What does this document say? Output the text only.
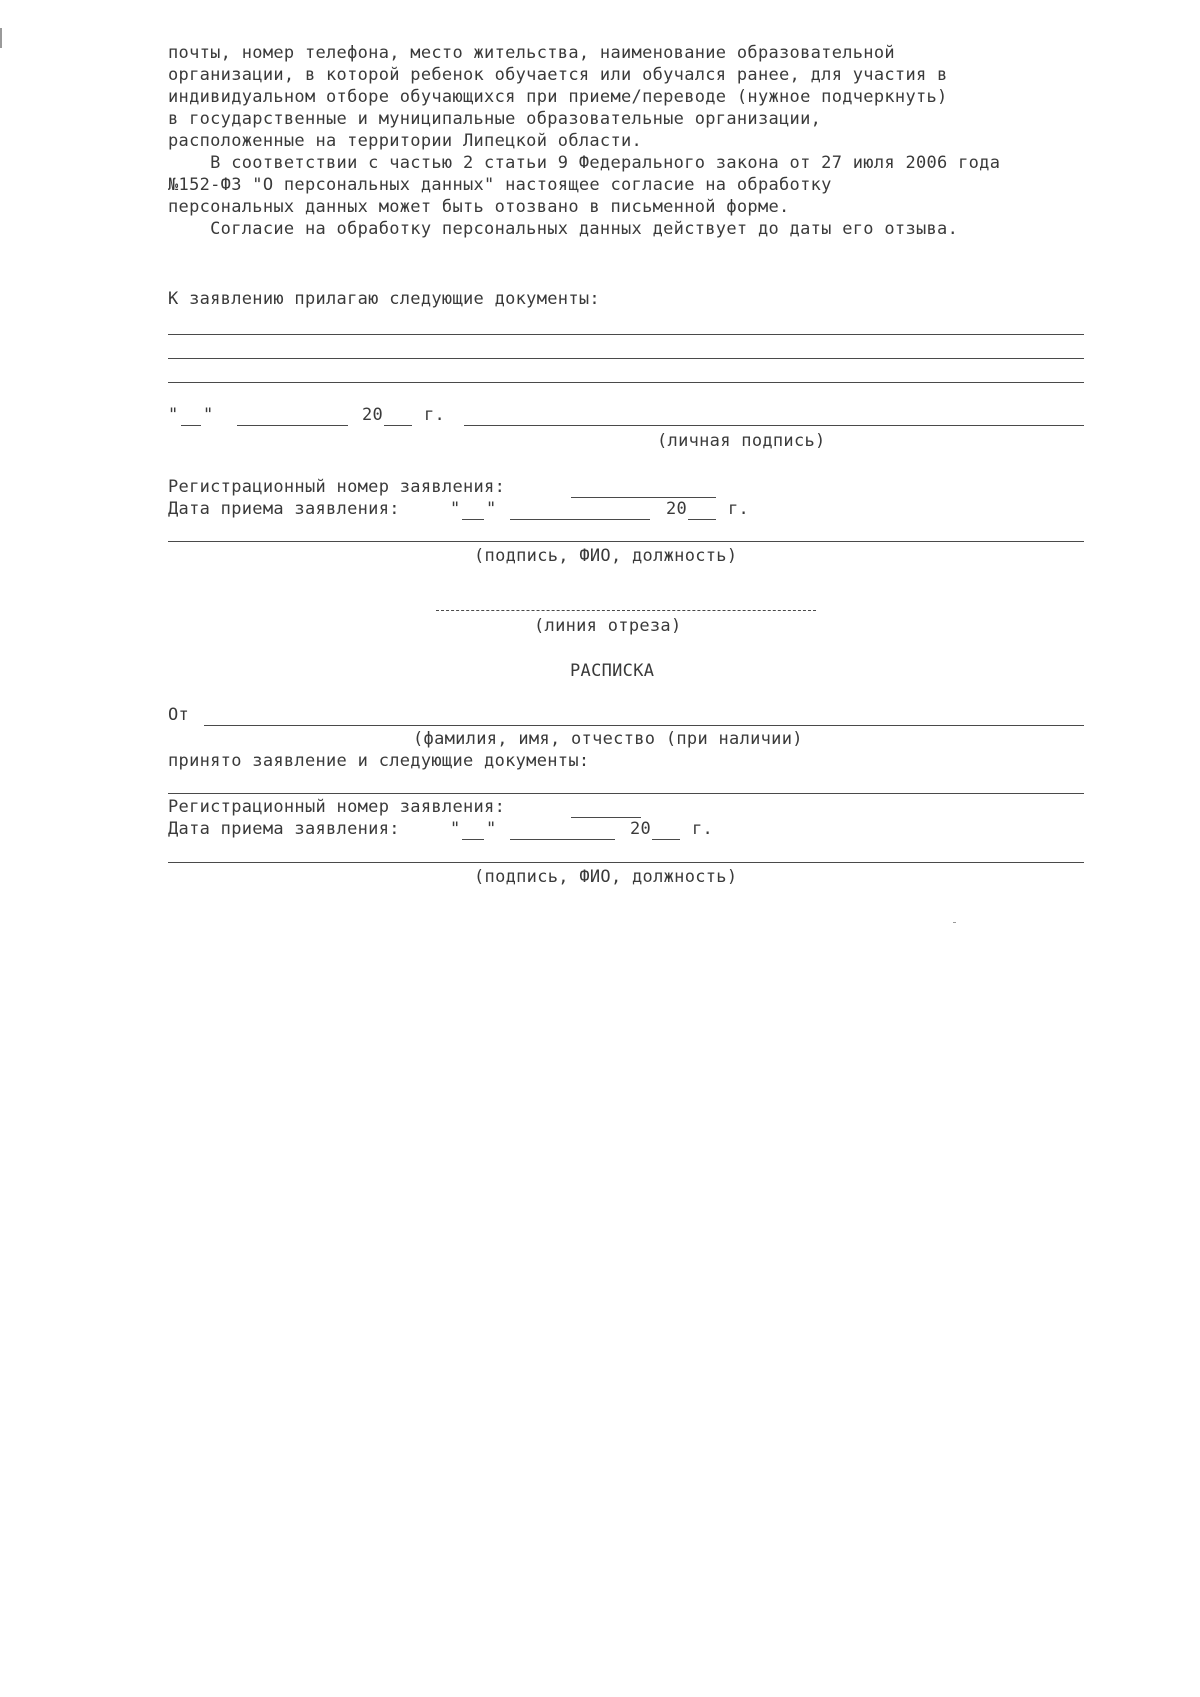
почты, номер телефона, место жительства, наименование образовательной
организации, в которой ребенок обучается или обучался ранее, для участия в
индивидуальном отборе обучающихся при приеме/переводе (нужное подчеркнуть)
в государственные и муниципальные образовательные организации,
расположенные на территории Липецкой области.
В соответствии с частью 2 статьи 9 Федерального закона от 27 июля 2006 года
№152-ФЗ "О персональных данных" настоящее согласие на обработку
персональных данных может быть отозвано в письменной форме.
Согласие на обработку персональных данных действует до даты его отзыва.
К заявлению прилагаю следующие документы:
" "	20 г.
(личная подпись)
Регистрационный номер заявления:
Дата приема заявления:	" "	20 г.
(подпись, ФИО, должность)
(линия отреза)
РАСПИСКА
От
(фамилия, имя, отчество (при наличии)
принято заявление и следующие документы:
Регистрационный номер заявления:
Дата приема заявления:	" "	20 г.
(подпись, ФИО, должность)
